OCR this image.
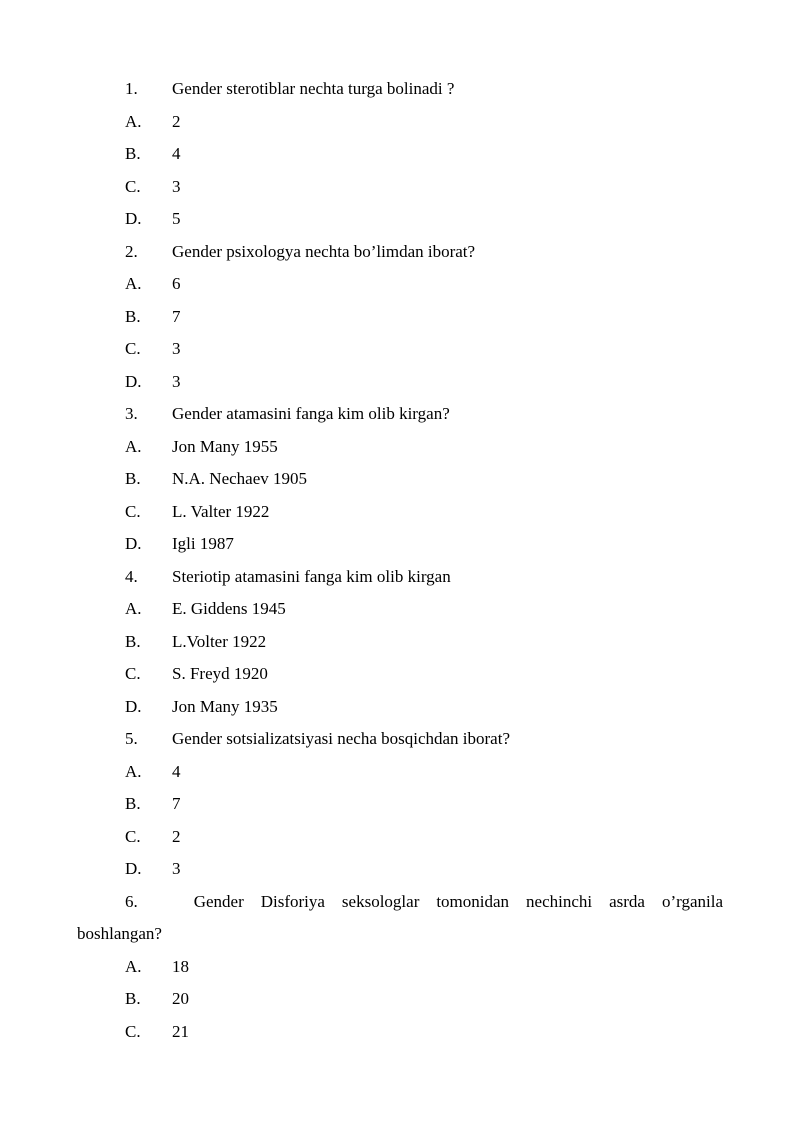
1. Gender sterotiblar nechta turga bolinadi ?
A. 2
B. 4
C. 3
D. 5
2. Gender psixologya nechta bo’limdan iborat?
A. 6
B. 7
C. 3
D. 3
3. Gender atamasini fanga kim olib kirgan?
A. Jon Many 1955
B. N.A. Nechaev 1905
C. L. Valter 1922
D. Igli 1987
4. Steriotip atamasini fanga kim olib kirgan
A. E. Giddens 1945
B. L.Volter 1922
C. S. Freyd 1920
D. Jon Many 1935
5. Gender sotsializatsiyasi necha bosqichdan iborat?
A. 4
B. 7
C. 2
D. 3
6.	Gender Disforiya seksologlar tomonidan nechinchi asrda o’rganila
boshlangan?
A. 18
B. 20
C. 21
